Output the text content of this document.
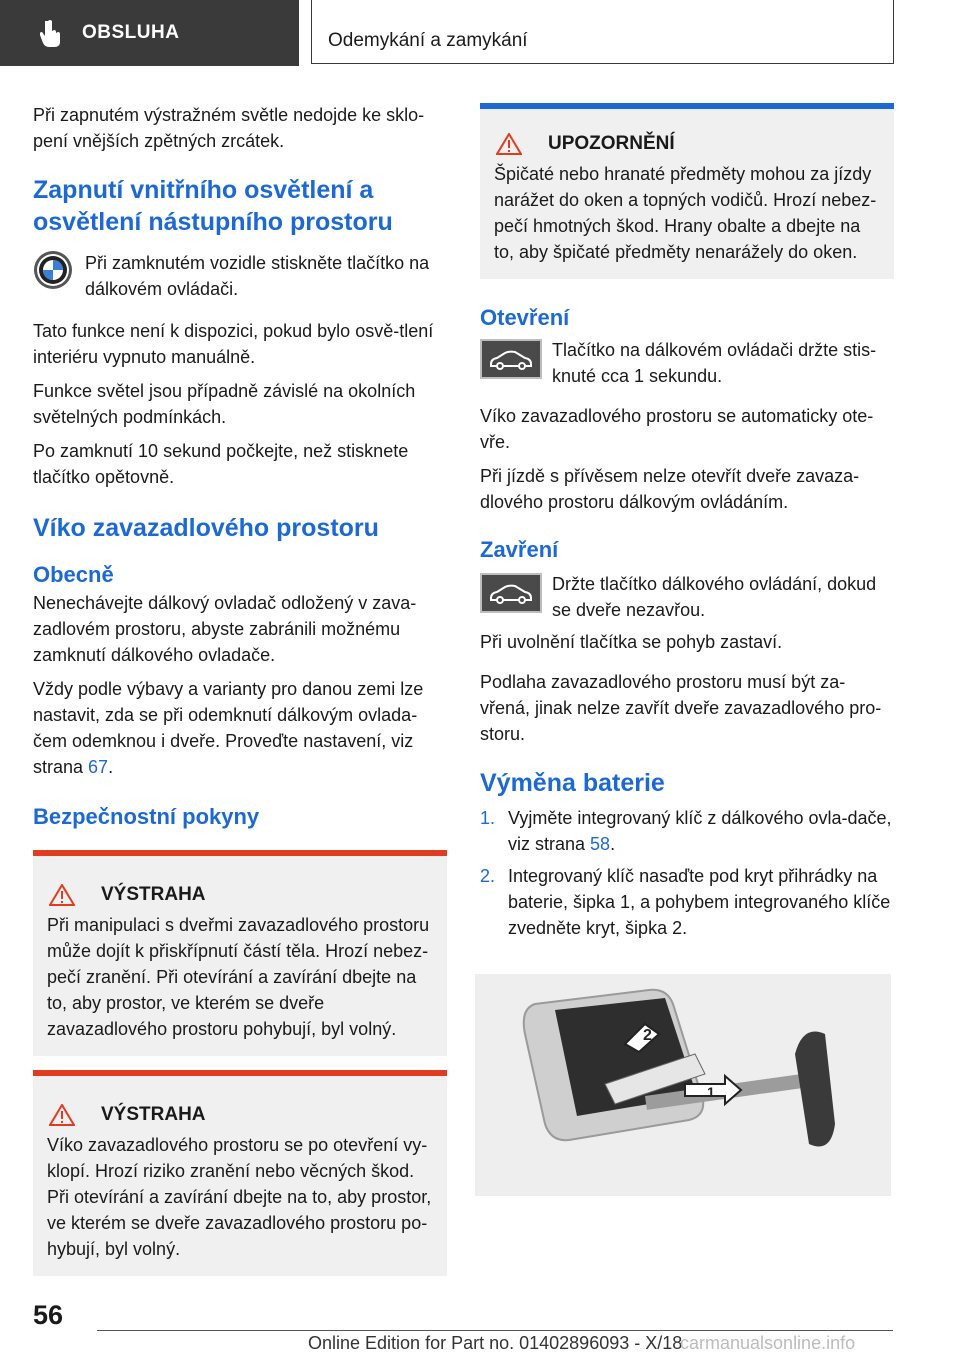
OBSLUHA	Odemykání a zamykání

Při zapnutém výstražném světle nedojde ke sklo-pení vnějších zpětných zrcátek.

Zapnutí vnitřního osvětlení a osvětlení nástupního prostoru

Při zamknutém vozidle stiskněte tlačítko na dálkovém ovládači.

Tato funkce není k dispozici, pokud bylo osvě-tlení interiéru vypnuto manuálně.

Funkce světel jsou případně závislé na okolních světelných podmínkách.

Po zamknutí 10 sekund počkejte, než stisknete tlačítko opětovně.

Víko zavazadlového prostoru
Obecně

Nenechávejte dálkový ovladač odložený v zava-zadlovém prostoru, abyste zabránili možnému zamknutí dálkového ovladače.

Vždy podle výbavy a varianty pro danou zemi lze nastavit, zda se při odemknutí dálkovým ovlada-čem odemknou i dveře. Proveďte nastavení, viz strana 67.

Bezpečnostní pokyny
VÝSTRAHA

Při manipulaci s dveřmi zavazadlového prostoru může dojít k přiskřípnutí částí těla. Hrozí nebez-pečí zranění. Při otevírání a zavírání dbejte na to, aby prostor, ve kterém se dveře zavazadlového prostoru pohybují, byl volný.

VÝSTRAHA

Víko zavazadlového prostoru se po otevření vy-klopí. Hrozí riziko zranění nebo věcných škod. Při otevírání a zavírání dbejte na to, aby prostor, ve kterém se dveře zavazadlového prostoru po-hybují, byl volný.

UPOZORNĚNÍ

Špičaté nebo hranaté předměty mohou za jízdy narážet do oken a topných vodičů. Hrozí nebez-pečí hmotných škod. Hrany obalte a dbejte na to, aby špičaté předměty nenarážely do oken.

Otevření

Tlačítko na dálkovém ovládači držte stis-knuté cca 1 sekundu.

Víko zavazadlového prostoru se automaticky ote-vře.

Při jízdě s přívěsem nelze otevřít dveře zavaza-dlového prostoru dálkovým ovládáním.

Zavření

Držte tlačítko dálkového ovládání, dokud se dveře nezavřou.

Při uvolnění tlačítka se pohyb zastaví.

Podlaha zavazadlového prostoru musí být za-vřená, jinak nelze zavřít dveře zavazadlového pro-storu.

Výměna baterie
1. Vyjměte integrovaný klíč z dálkového ovla-dače, viz strana 58.
2. Integrovaný klíč nasaďte pod kryt přihrádky na baterie, šipka 1, a pohybem integrovaného klíče zvedněte kryt, šipka 2.
2
1
56
Online Edition for Part no. 01402896093 - X/18
carmanualsonline.info
